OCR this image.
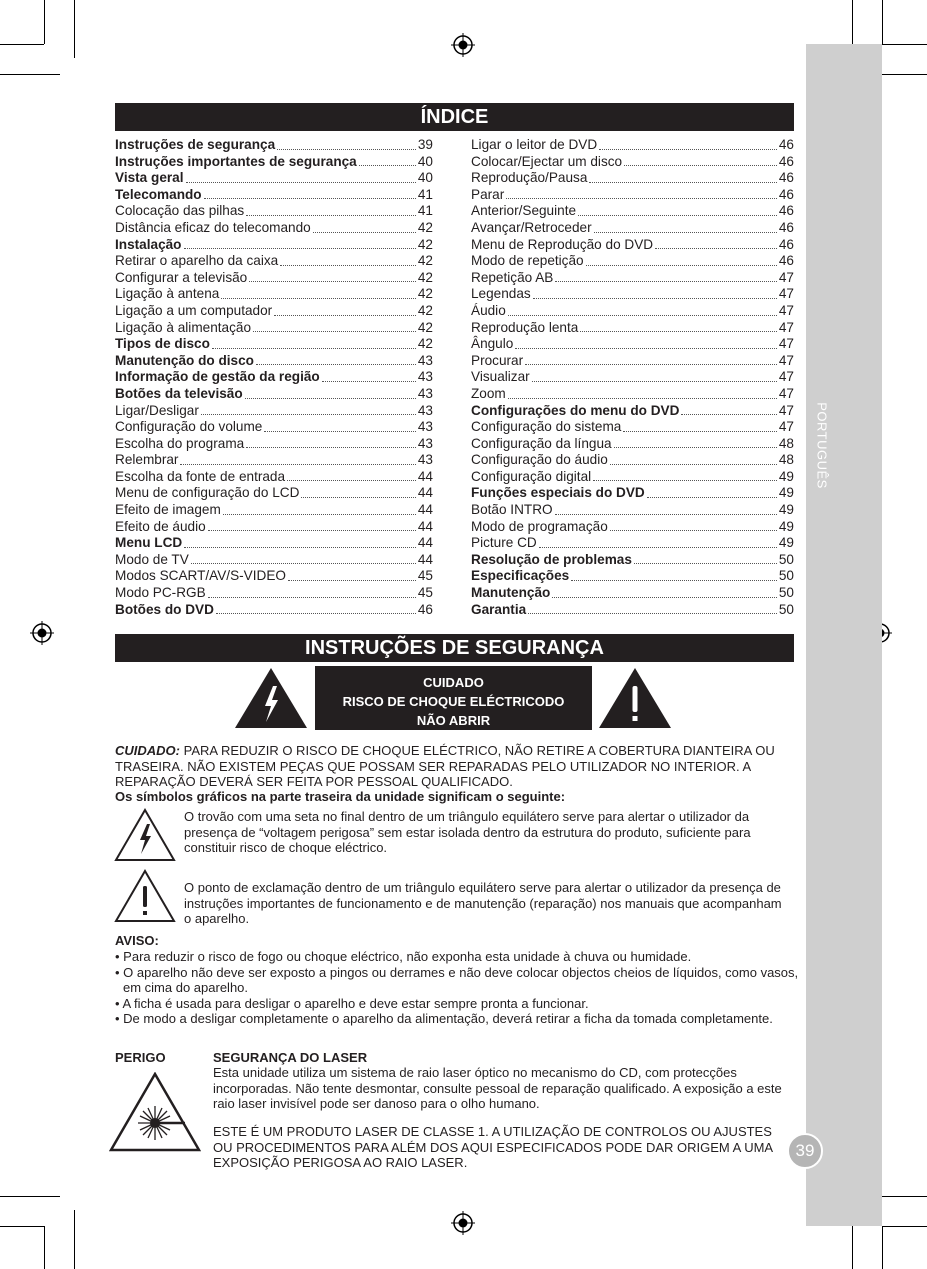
PORTUGUÊS
39
ÍNDICE
Instruções de segurança	39
Instruções importantes de segurança	40
Vista geral	40
Telecomando	41
Colocação das pilhas	41
Distância eficaz do telecomando	42
Instalação	42
Retirar o aparelho da caixa	42
Configurar a televisão	42
Ligação à antena	42
Ligação a um computador	42
Ligação à alimentação	42
Tipos de disco	42
Manutenção do disco	43
Informação de gestão da região	43
Botões da televisão	43
Ligar/Desligar	43
Configuração do volume	43
Escolha do programa	43
Relembrar	43
Escolha da fonte de entrada	44
Menu de configuração do LCD	44
Efeito de imagem	44
Efeito de áudio	44
Menu LCD	44
Modo de TV	44
Modos SCART/AV/S-VIDEO	45
Modo PC-RGB	45
Botões do DVD	46
Ligar o leitor de DVD	46
Colocar/Ejectar um disco	46
Reprodução/Pausa	46
Parar	46
Anterior/Seguinte	46
Avançar/Retroceder	46
Menu de Reprodução do DVD	46
Modo de repetição	46
Repetição AB	47
Legendas	47
Áudio	47
Reprodução lenta	47
Ângulo	47
Procurar	47
Visualizar	47
Zoom	47
Configurações do menu do DVD	47
Configuração do sistema	47
Configuração da língua	48
Configuração do áudio	48
Configuração digital	49
Funções especiais do DVD	49
Botão INTRO	49
Modo de programação	49
Picture CD	49
Resolução de problemas	50
Especificações	50
Manutenção	50
Garantia	50
INSTRUÇÕES DE SEGURANÇA
CUIDADO
RISCO DE CHOQUE ELÉCTRICODO
NÃO ABRIR
CUIDADO: PARA REDUZIR O RISCO DE CHOQUE ELÉCTRICO, NÃO RETIRE A COBERTURA DIANTEIRA OU TRASEIRA. NÃO EXISTEM PEÇAS QUE POSSAM SER REPARADAS PELO UTILIZADOR NO INTERIOR. A REPARAÇÃO DEVERÁ SER FEITA POR PESSOAL QUALIFICADO.
Os símbolos gráficos na parte traseira da unidade significam o seguinte:
O trovão com uma seta no final dentro de um triângulo equilátero serve para alertar o utilizador da presença de “voltagem perigosa” sem estar isolada dentro da estrutura do produto, suficiente para constituir risco de choque eléctrico.
O ponto de exclamação dentro de um triângulo equilátero serve para alertar o utilizador da presença de instruções importantes de funcionamento e de manutenção (reparação) nos manuais que acompanham o aparelho.
AVISO:
• Para reduzir o risco de fogo ou choque eléctrico, não exponha esta unidade à chuva ou humidade.
• O aparelho não deve ser exposto a pingos ou derrames e não deve colocar objectos cheios de líquidos, como vasos, em cima do aparelho.
• A ficha é usada para desligar o aparelho e deve estar sempre pronta a funcionar.
• De modo a desligar completamente o aparelho da alimentação, deverá retirar a ficha da tomada completamente.
PERIGO	SEGURANÇA DO LASER
Esta unidade utiliza um sistema de raio laser óptico no mecanismo do CD, com protecções incorporadas. Não tente desmontar, consulte pessoal de reparação qualificado. A exposição a este raio laser invisível pode ser danoso para o olho humano.
ESTE É UM PRODUTO LASER DE CLASSE 1. A UTILIZAÇÃO DE CONTROLOS OU AJUSTES OU PROCEDIMENTOS PARA ALÉM DOS AQUI ESPECIFICADOS PODE DAR ORIGEM A UMA EXPOSIÇÃO PERIGOSA AO RAIO LASER.
